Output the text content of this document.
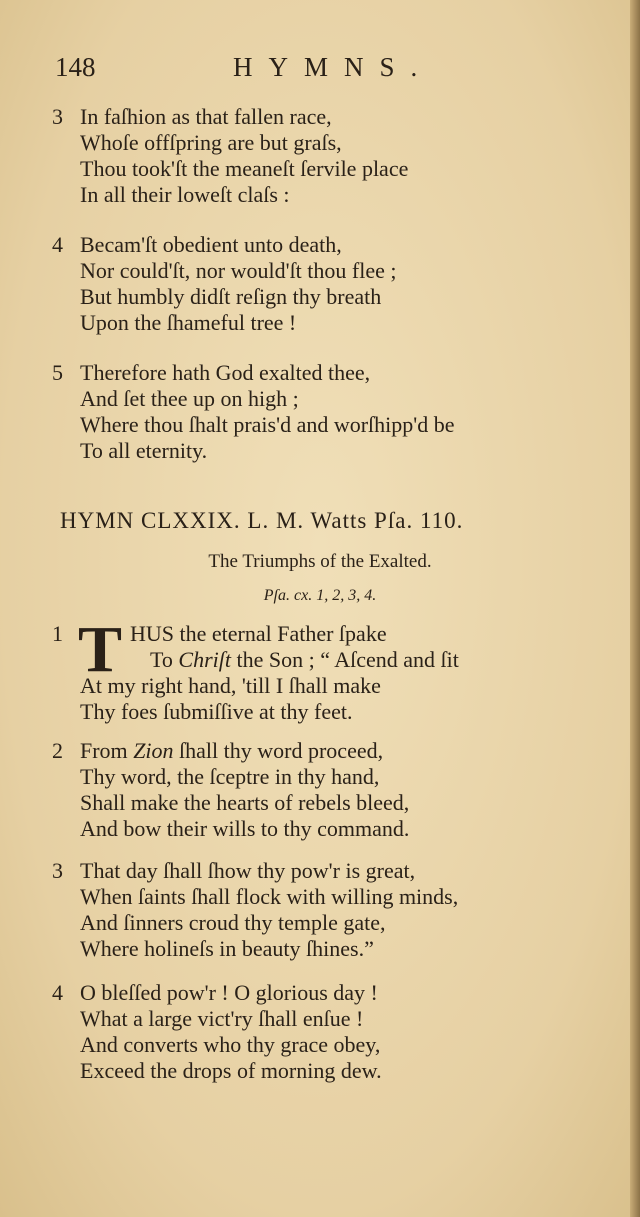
148	HYMNS.
3 In faſhion as that fallen race,
Whoſe offſpring are but graſs,
Thou took'ſt the meaneſt ſervile place
In all their loweſt claſs :
4 Becam'ſt obedient unto death,
Nor could'ſt, nor would'ſt thou flee ;
But humbly didſt reſign thy breath
Upon the ſhameful tree !
5 Therefore hath God exalted thee,
And ſet thee up on high ;
Where thou ſhalt prais'd and worſhipp'd be
To all eternity.
HYMN CLXXIX. L. M. Watts Pſa. 110.
The Triumphs of the Exalted.
Pſa. cx. 1, 2, 3, 4.
T
1	HUS the eternal Father ſpake
To Chriſt the Son ; “ Aſcend and ſit
At my right hand, 'till I ſhall make
Thy foes ſubmiſſive at thy feet.
2 From Zion ſhall thy word proceed,
Thy word, the ſceptre in thy hand,
Shall make the hearts of rebels bleed,
And bow their wills to thy command.
3 That day ſhall ſhow thy pow'r is great,
When ſaints ſhall flock with willing minds,
And ſinners croud thy temple gate,
Where holineſs in beauty ſhines.”
4 O bleſſed pow'r ! O glorious day !
What a large vict'ry ſhall enſue !
And converts who thy grace obey,
Exceed the drops of morning dew.
